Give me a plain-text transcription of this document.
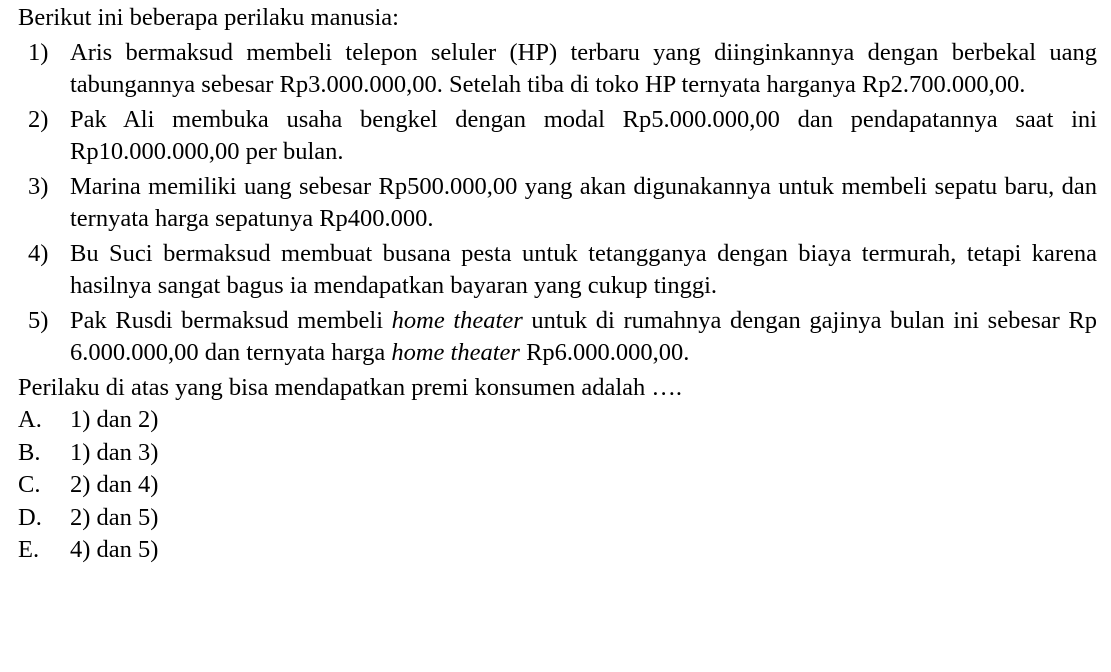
Berikut ini beberapa perilaku manusia:
1) Aris bermaksud membeli telepon seluler (HP) terbaru yang diinginkannya dengan berbekal uang tabungannya sebesar Rp3.000.000,00. Setelah tiba di toko HP ternyata harganya Rp2.700.000,00.
2) Pak Ali membuka usaha bengkel dengan modal Rp5.000.000,00 dan pendapatannya saat ini Rp10.000.000,00 per bulan.
3) Marina memiliki uang sebesar Rp500.000,00 yang akan digunakannya untuk membeli sepatu baru, dan ternyata harga sepatunya Rp400.000.
4) Bu Suci bermaksud membuat busana pesta untuk tetangganya dengan biaya termurah, tetapi karena hasilnya sangat bagus ia mendapatkan bayaran yang cukup tinggi.
5) Pak Rusdi bermaksud membeli home theater untuk di rumahnya dengan gajinya bulan ini sebesar Rp 6.000.000,00 dan ternyata harga home theater Rp6.000.000,00.
Perilaku di atas yang bisa mendapatkan premi konsumen adalah ….
A.	1) dan 2)
B.	1) dan 3)
C.	2) dan 4)
D.	2) dan 5)
E.	4) dan 5)
